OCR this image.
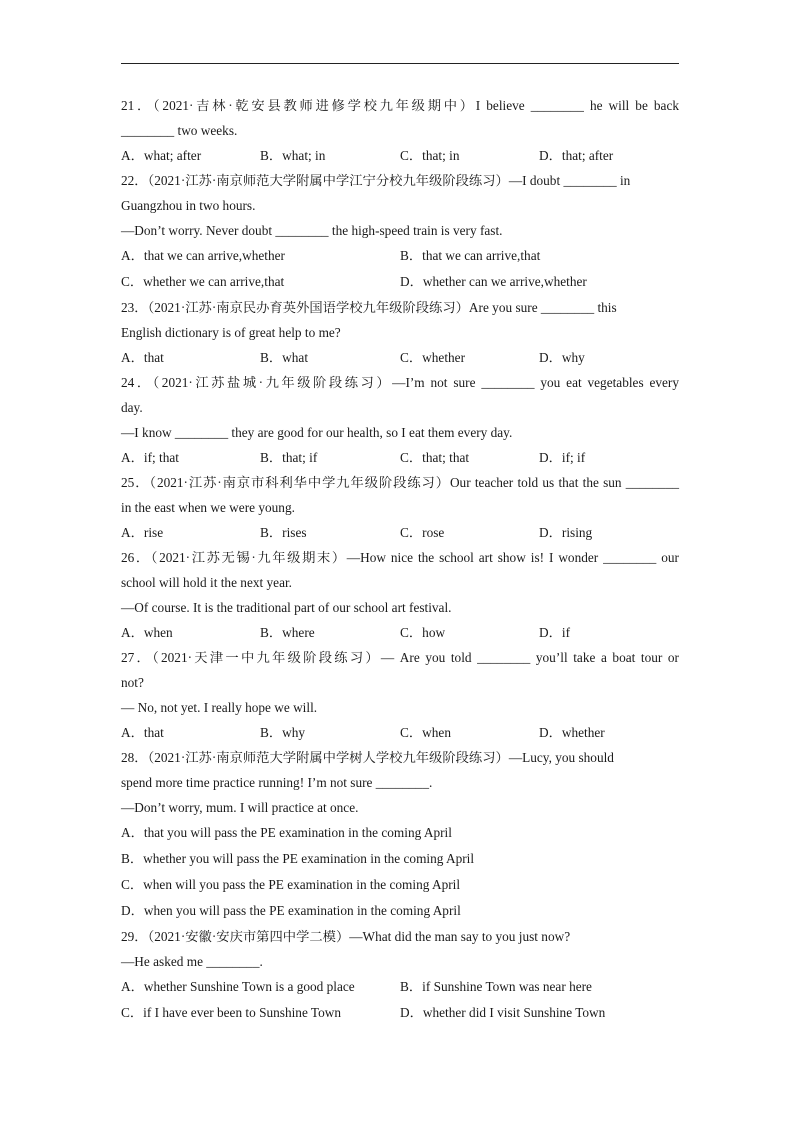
21．（2021·吉林·乾安县教师进修学校九年级期中）I believe ________ he will be back
________ two weeks.
A．what; after	B．what; in	C．that; in	D．that; after
22．（2021·江苏·南京师范大学附属中学江宁分校九年级阶段练习）—I doubt ________ in
Guangzhou in two hours.
—Don’t worry. Never doubt ________ the high-speed train is very fast.
A．that we can arrive,whether	B．that we can arrive,that
C．whether we can arrive,that	D．whether can we arrive,whether
23．（2021·江苏·南京民办育英外国语学校九年级阶段练习）Are you sure ________ this
English dictionary is of great help to me?
A．that	B．what	C．whether	D．why
24．（2021·江苏盐城·九年级阶段练习）—I’m not sure ________ you eat vegetables every
day.
—I know ________ they are good for our health, so I eat them every day.
A．if; that	B．that; if	C．that; that	D．if; if
25．（2021·江苏·南京市科利华中学九年级阶段练习）Our teacher told us that the sun ________
in the east when we were young.
A．rise	B．rises	C．rose	D．rising
26．（2021·江苏无锡·九年级期末）—How nice the school art show is! I wonder ________ our
school will hold it the next year.
—Of course. It is the traditional part of our school art festival.
A．when	B．where	C．how	D．if
27．（2021·天津一中九年级阶段练习）— Are you told ________ you’ll take a boat tour or
not?
— No, not yet. I really hope we will.
A．that	B．why	C．when	D．whether
28．（2021·江苏·南京师范大学附属中学树人学校九年级阶段练习）—Lucy, you should
spend more time practice running! I’m not sure ________.
—Don’t worry, mum. I will practice at once.
A．that you will pass the PE examination in the coming April
B．whether you will pass the PE examination in the coming April
C．when will you pass the PE examination in the coming April
D．when you will pass the PE examination in the coming April
29．（2021·安徽·安庆市第四中学二模）—What did the man say to you just now?
—He asked me ________.
A．whether Sunshine Town is a good place	B．if Sunshine Town was near here
C．if I have ever been to Sunshine Town	D．whether did I visit Sunshine Town
